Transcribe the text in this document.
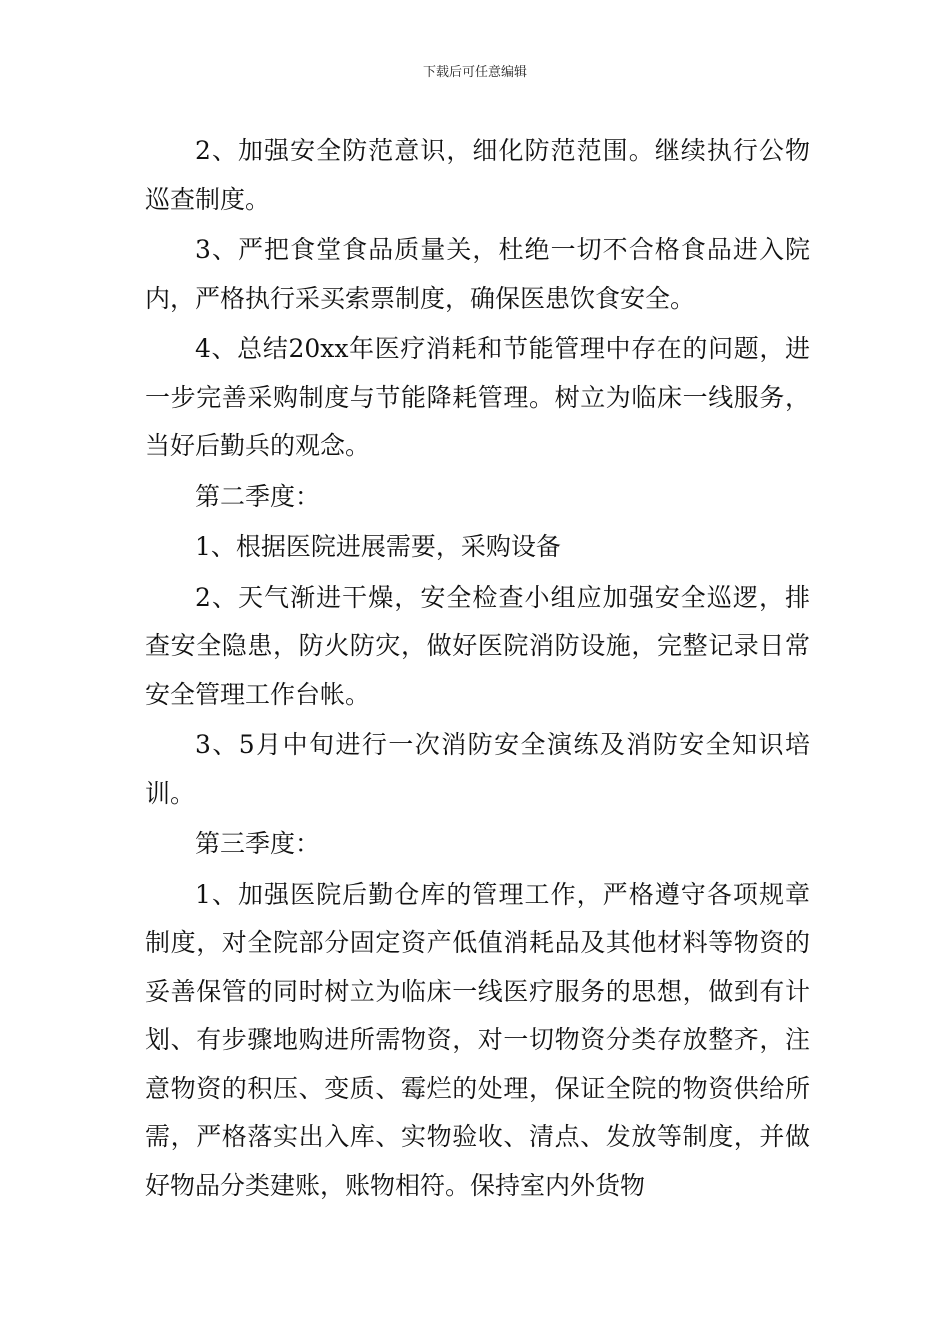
下载后可任意编辑

2、加强安全防范意识，细化防范范围。继续执行公物巡查制度。

3、严把食堂食品质量关，杜绝一切不合格食品进入院内，严格执行采买索票制度，确保医患饮食安全。

4、总结20xx年医疗消耗和节能管理中存在的问题，进一步完善采购制度与节能降耗管理。树立为临床一线服务，当好后勤兵的观念。

第二季度：

1、根据医院进展需要，采购设备

2、天气渐进干燥，安全检查小组应加强安全巡逻，排查安全隐患，防火防灾，做好医院消防设施，完整记录日常安全管理工作台帐。

3、5月中旬进行一次消防安全演练及消防安全知识培训。

第三季度：

1、加强医院后勤仓库的管理工作，严格遵守各项规章制度，对全院部分固定资产低值消耗品及其他材料等物资的妥善保管的同时树立为临床一线医疗服务的思想，做到有计划、有步骤地购进所需物资，对一切物资分类存放整齐，注意物资的积压、变质、霉烂的处理，保证全院的物资供给所需，严格落实出入库、实物验收、清点、发放等制度，并做好物品分类建账，账物相符。保持室内外货物
